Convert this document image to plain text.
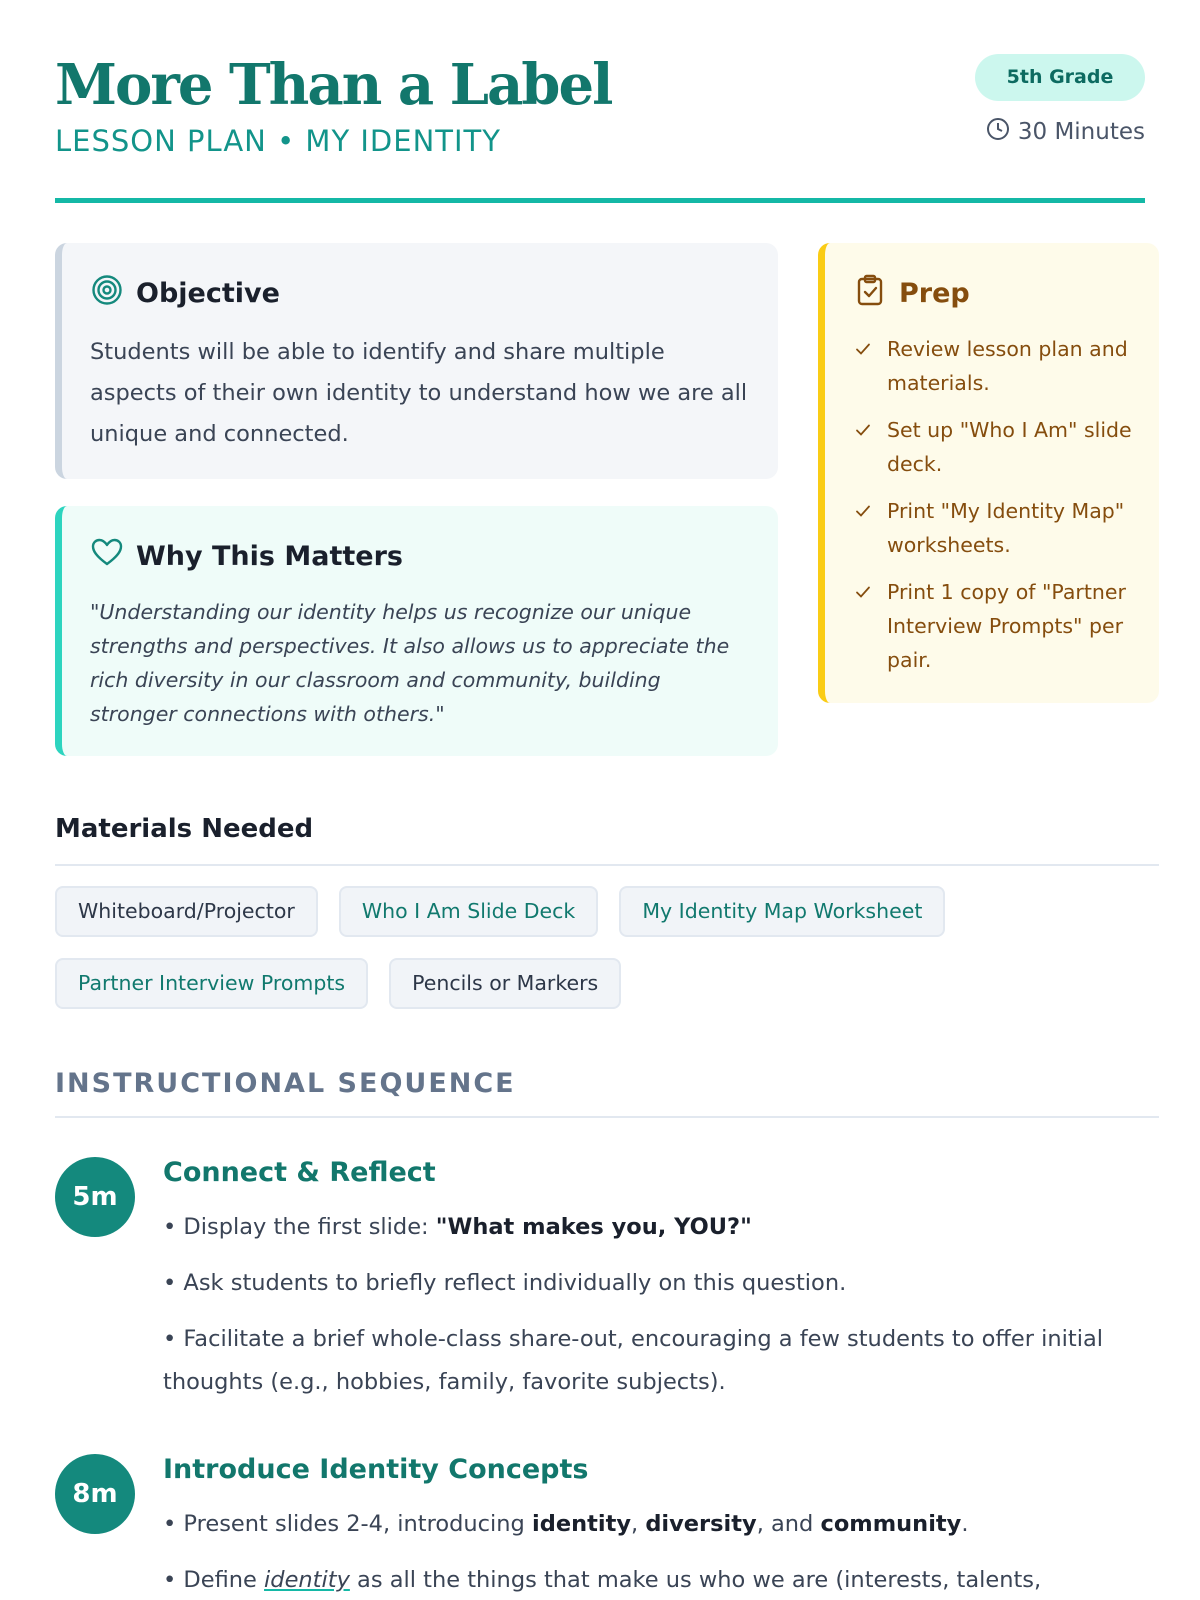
More Than a Label
LESSON PLAN • MY IDENTITY
5th Grade
30 Minutes
Objective

Students will be able to identify and share multiple aspects of their own identity to understand how we are all unique and connected.

Why This Matters

"Understanding our identity helps us recognize our unique strengths and perspectives. It also allows us to appreciate the rich diversity in our classroom and community, building stronger connections with others."

Prep
Review lesson plan and materials.
Set up "Who I Am" slide deck.
Print "My Identity Map" worksheets.
Print 1 copy of "Partner Interview Prompts" per pair.
Materials Needed
Whiteboard/Projector	Who I Am Slide Deck	My Identity Map Worksheet
Partner Interview Prompts	Pencils or Markers
INSTRUCTIONAL SEQUENCE
5m
Connect & Reflect
• Display the first slide: "What makes you, YOU?"
• Ask students to briefly reflect individually on this question.
• Facilitate a brief whole-class share-out, encouraging a few students to offer initial thoughts (e.g., hobbies, family, favorite subjects).
8m
Introduce Identity Concepts
• Present slides 2-4, introducing identity, diversity, and community.
• Define identity as all the things that make us who we are (interests, talents,
